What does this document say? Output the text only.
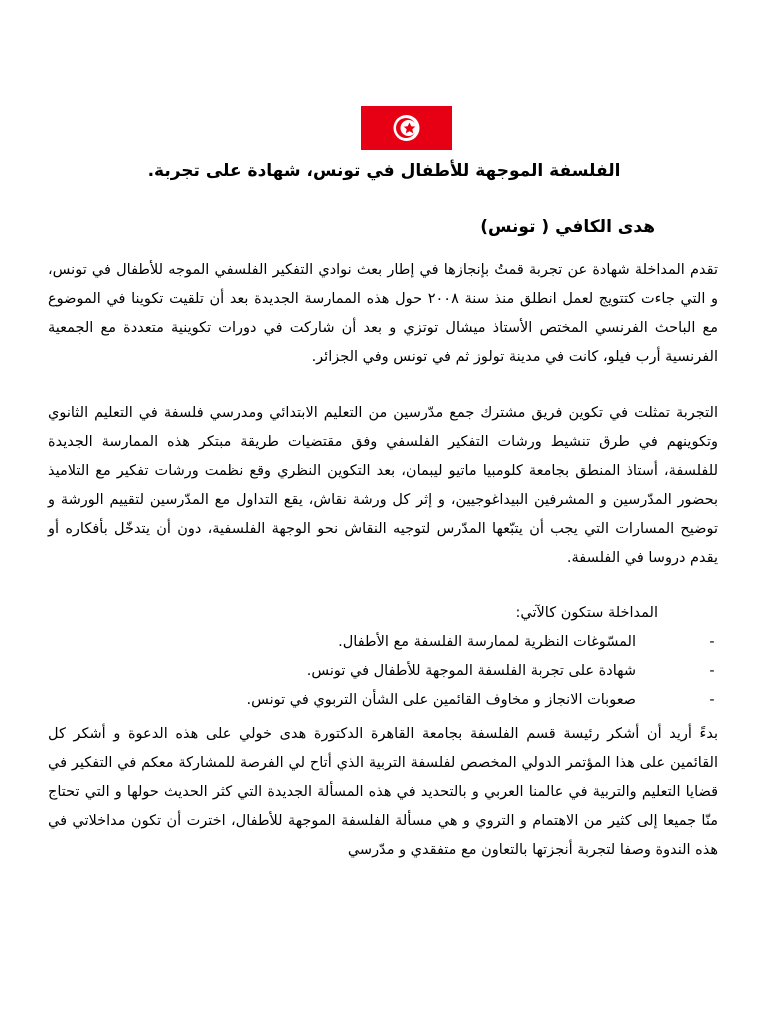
الفلسفة الموجهة للأطفال في تونس، شهادة على تجربة.
هدى الكافي ( تونس)
تقدم المداخلة شهادة عن تجربة قمتُ بإنجازها في إطار بعث نوادي التفكير الفلسفي الموجه للأطفال في تونس، و التي جاءت كتتويج لعمل انطلق منذ سنة ٢٠٠٨ حول هذه الممارسة الجديدة بعد أن تلقيت تكوينا في الموضوع مع الباحث الفرنسي المختص الأستاذ ميشال توتزي و بعد أن شاركت في دورات تكوينية متعددة مع الجمعية الفرنسية أرب فيلو، كانت في مدينة تولوز ثم في تونس وفي الجزائر.
التجربة تمثلت في تكوين فريق مشترك جمع مدّرسين من التعليم الابتدائي ومدرسي فلسفة في التعليم الثانوي وتكوينهم في طرق تنشيط ورشات التفكير الفلسفي وفق مقتضيات طريقة مبتكر هذه الممارسة الجديدة للفلسفة، أستاذ المنطق بجامعة كلومبيا ماتيو ليبمان، بعد التكوين النظري وقع نظمت ورشات تفكير مع التلاميذ بحضور المدّرسين و المشرفين البيداغوجيين، و إثر كل ورشة نقاش، يقع التداول مع المدّرسين لتقييم الورشة و توضيح المسارات التي يجب أن يتبّعها المدّرس لتوجيه النقاش نحو الوجهة الفلسفية، دون أن يتدخّل بأفكاره أو يقدم دروسا في الفلسفة.
المداخلة ستكون كالآتي:
-
المسّوغات النظرية لممارسة الفلسفة مع الأطفال.
-
شهادة على تجربة الفلسفة الموجهة للأطفال في تونس.
-
صعوبات الانجاز و مخاوف القائمين على الشأن التربوي في تونس.
بدءً أريد أن أشكر رئيسة قسم الفلسفة بجامعة القاهرة الدكتورة هدى خولي على هذه الدعوة و أشكر كل القائمين على هذا المؤتمر الدولي المخصص لفلسفة التربية الذي أتاح لي الفرصة للمشاركة معكم في التفكير في قضايا التعليم والتربية في عالمنا العربي و بالتحديد في هذه المسألة الجديدة التي كثر الحديث حولها و التي تحتاج منّا جميعا إلى كثير من الاهتمام و التروي و هي مسألة الفلسفة الموجهة للأطفال، اخترت أن تكون مداخلاتي في هذه الندوة وصفا لتجربة أنجزتها بالتعاون مع متفقدي و مدّرسي
